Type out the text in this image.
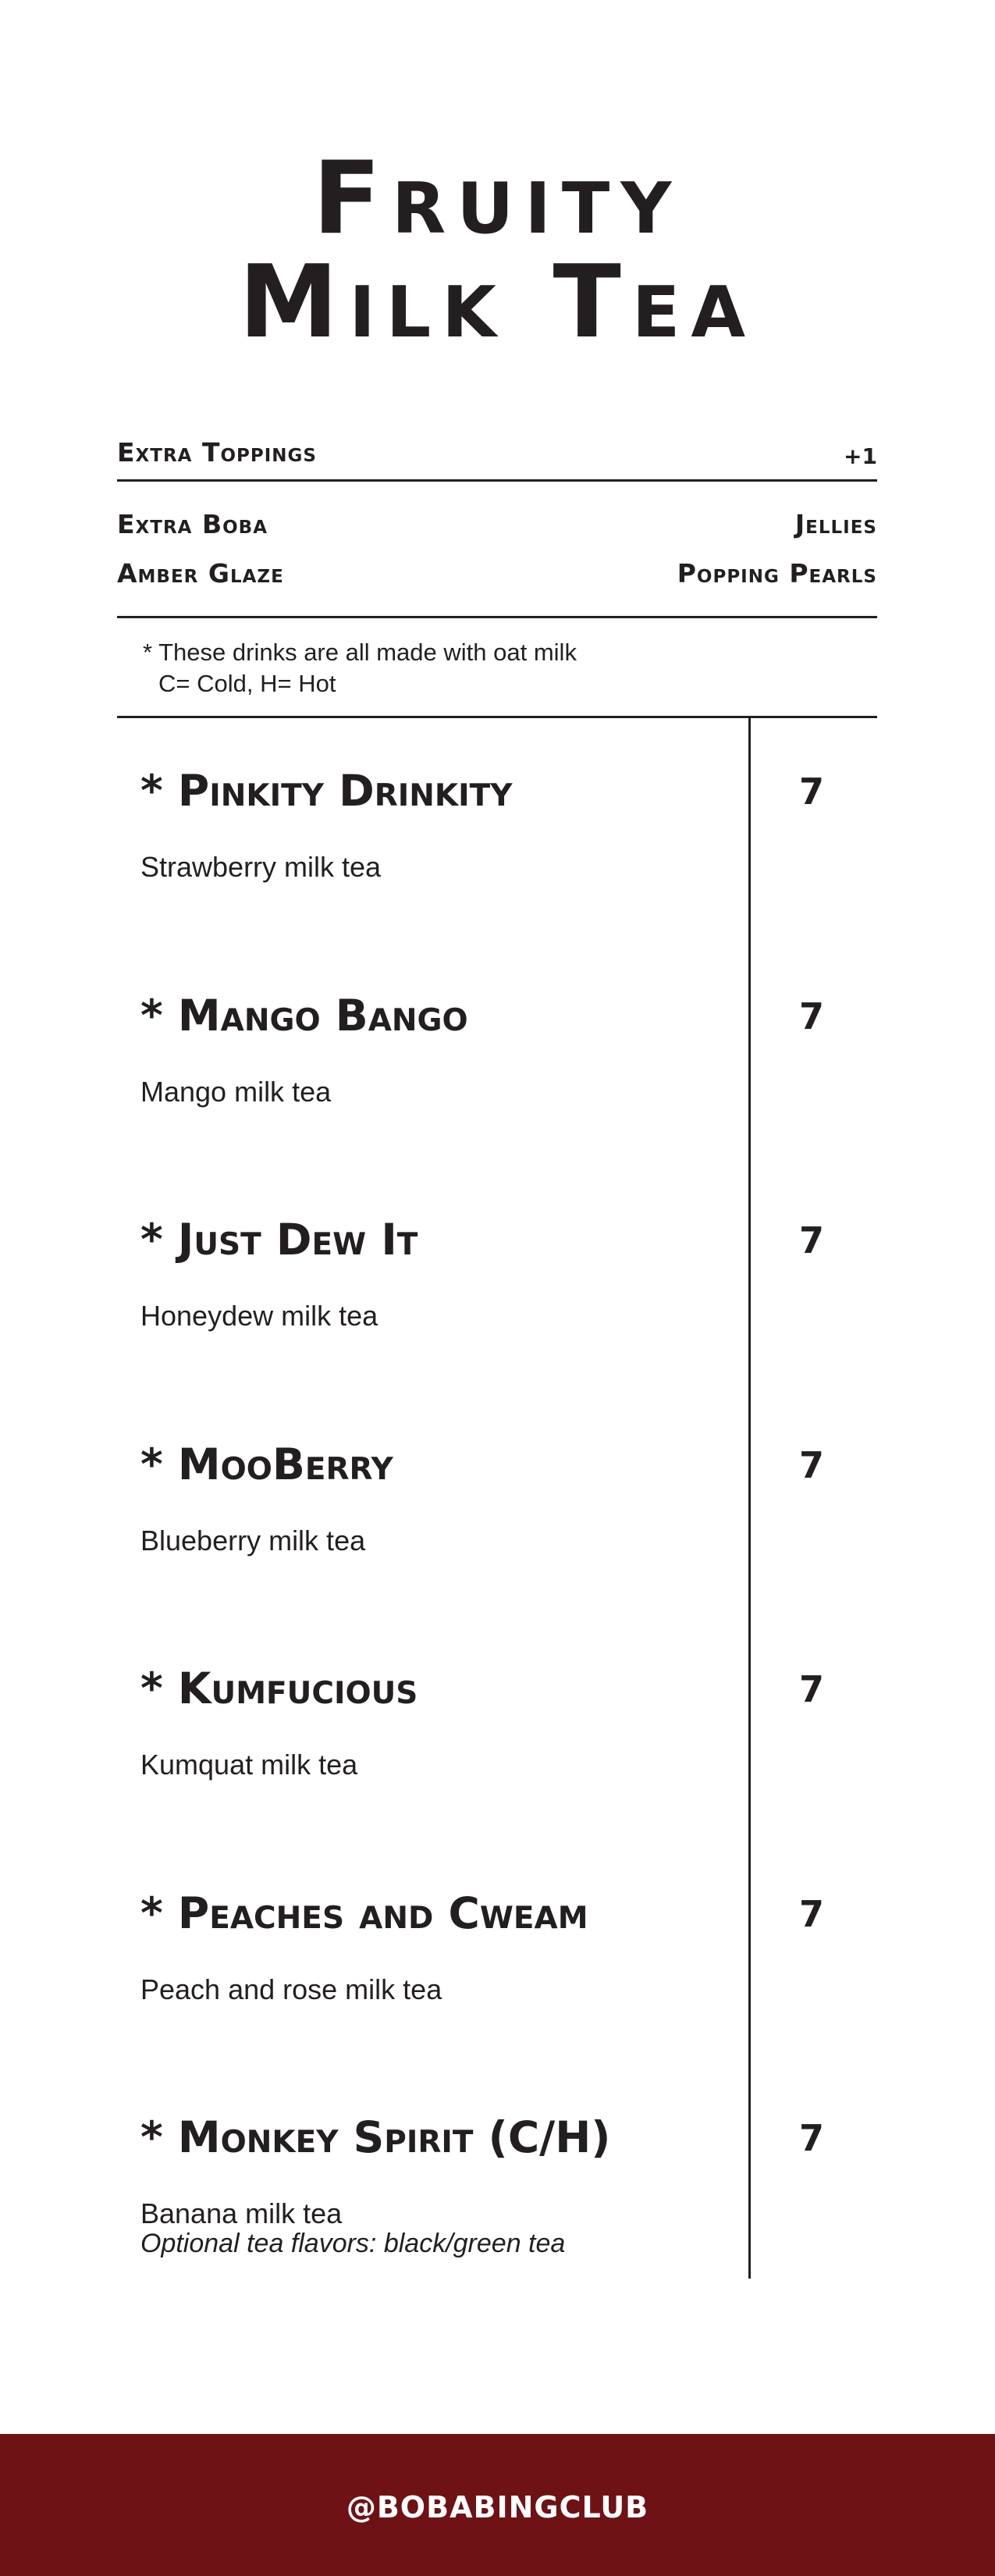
Fruity
Milk Tea
Extra Toppings	+1
Extra Boba	Jellies
Amber Glaze	Popping Pearls
* These drinks are all made with oat milk
C= Cold, H= Hot
* Pinkity Drinkity	7
Strawberry milk tea
* Mango Bango	7
Mango milk tea
* Just Dew It	7
Honeydew milk tea
* MooBerry	7
Blueberry milk tea
* Kumfucious	7
Kumquat milk tea
* Peaches and Cweam	7
Peach and rose milk tea
* Monkey Spirit (C/H)	7
Banana milk tea
Optional tea flavors: black/green tea
@BOBABINGCLUB
